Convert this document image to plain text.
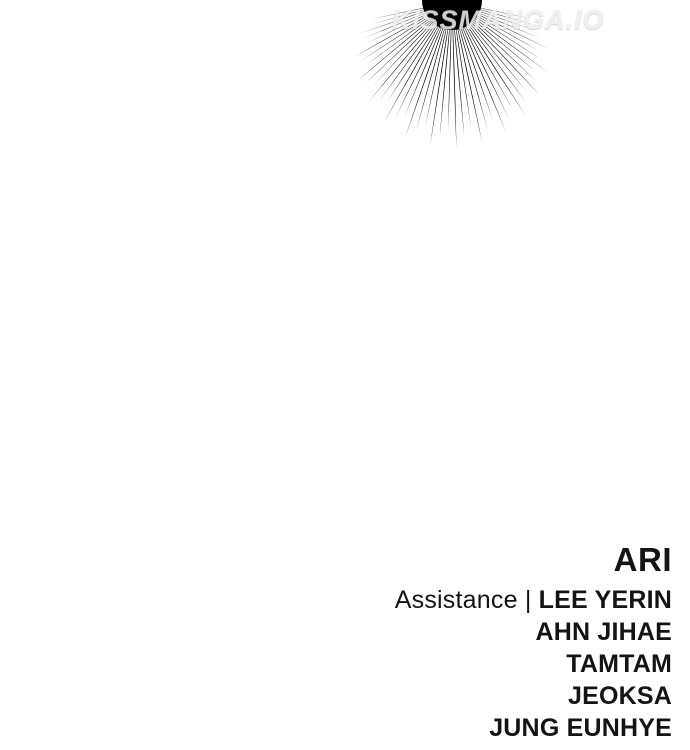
KISSMANGA.IO
ARI
Assistance | LEE YERIN
AHN JIHAE
TAMTAM
JEOKSA
JUNG EUNHYE
